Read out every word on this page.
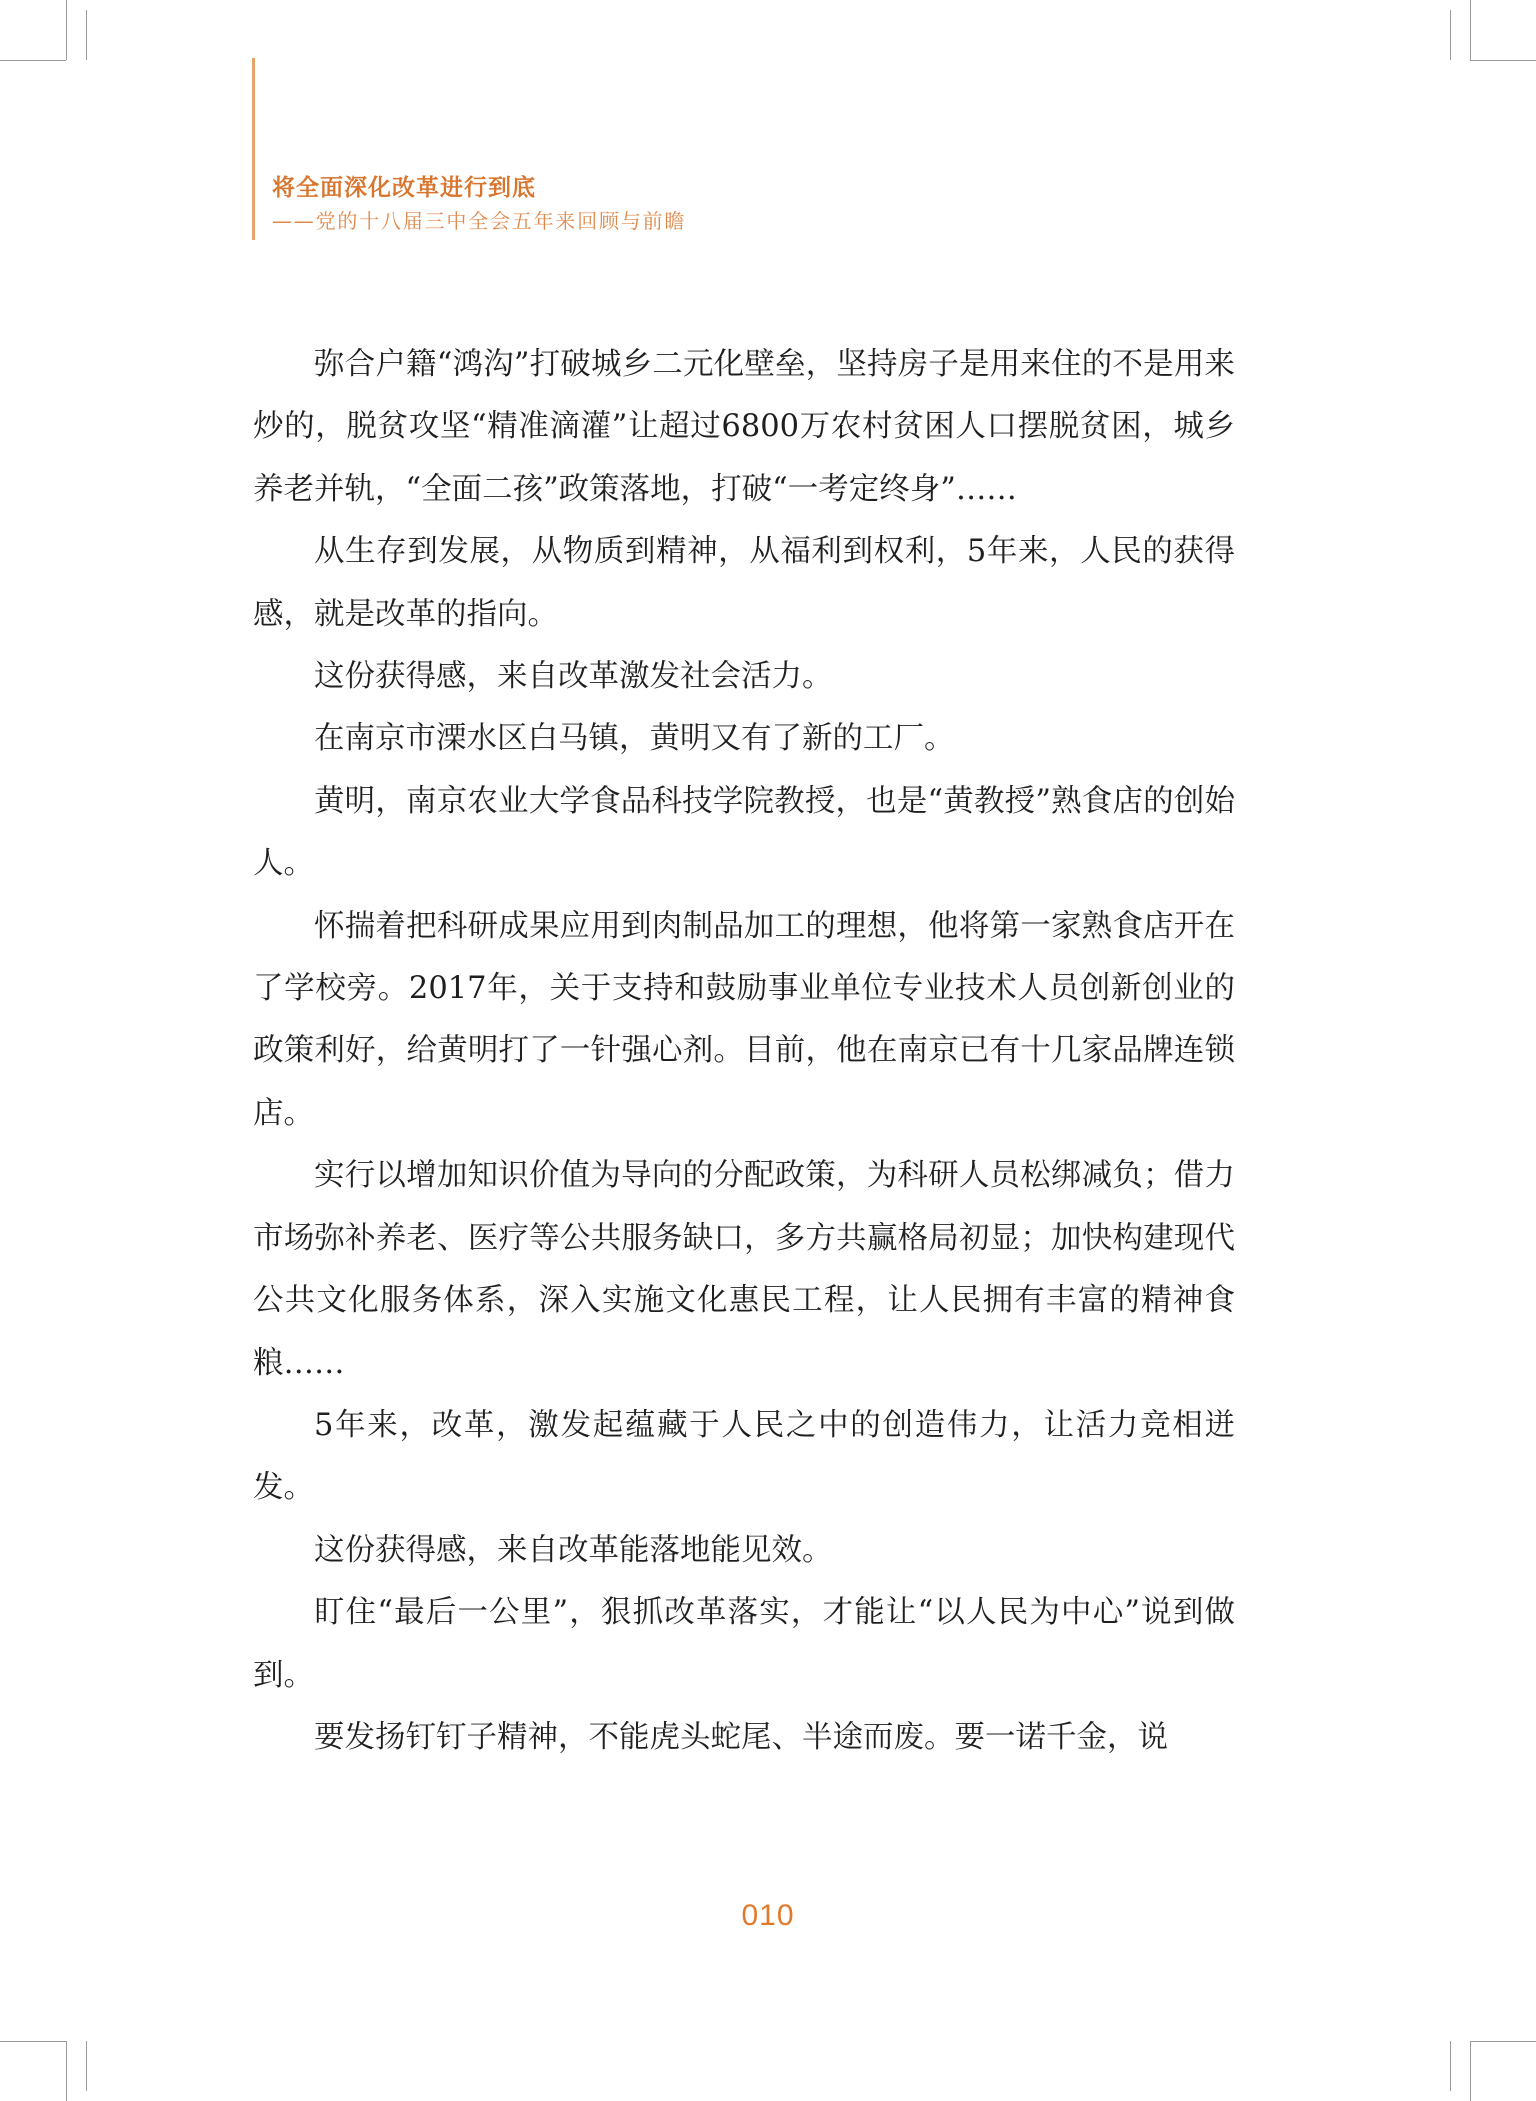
将全面深化改革进行到底
——党的十八届三中全会五年来回顾与前瞻

弥合户籍“鸿沟”打破城乡二元化壁垒，坚持房子是用来住的不是用来炒的，脱贫攻坚“精准滴灌”让超过6800万农村贫困人口摆脱贫困，城乡养老并轨，“全面二孩”政策落地，打破“一考定终身”……

从生存到发展，从物质到精神，从福利到权利，5年来，人民的获得感，就是改革的指向。

这份获得感，来自改革激发社会活力。

在南京市溧水区白马镇，黄明又有了新的工厂。

黄明，南京农业大学食品科技学院教授，也是“黄教授”熟食店的创始人。

怀揣着把科研成果应用到肉制品加工的理想，他将第一家熟食店开在了学校旁。2017年，关于支持和鼓励事业单位专业技术人员创新创业的政策利好，给黄明打了一针强心剂。目前，他在南京已有十几家品牌连锁店。

实行以增加知识价值为导向的分配政策，为科研人员松绑减负；借力市场弥补养老、医疗等公共服务缺口，多方共赢格局初显；加快构建现代公共文化服务体系，深入实施文化惠民工程，让人民拥有丰富的精神食粮……

5年来，改革，激发起蕴藏于人民之中的创造伟力，让活力竞相迸发。

这份获得感，来自改革能落地能见效。

盯住“最后一公里”，狠抓改革落实，才能让“以人民为中心”说到做到。

要发扬钉钉子精神，不能虎头蛇尾、半途而废。要一诺千金，说

010
